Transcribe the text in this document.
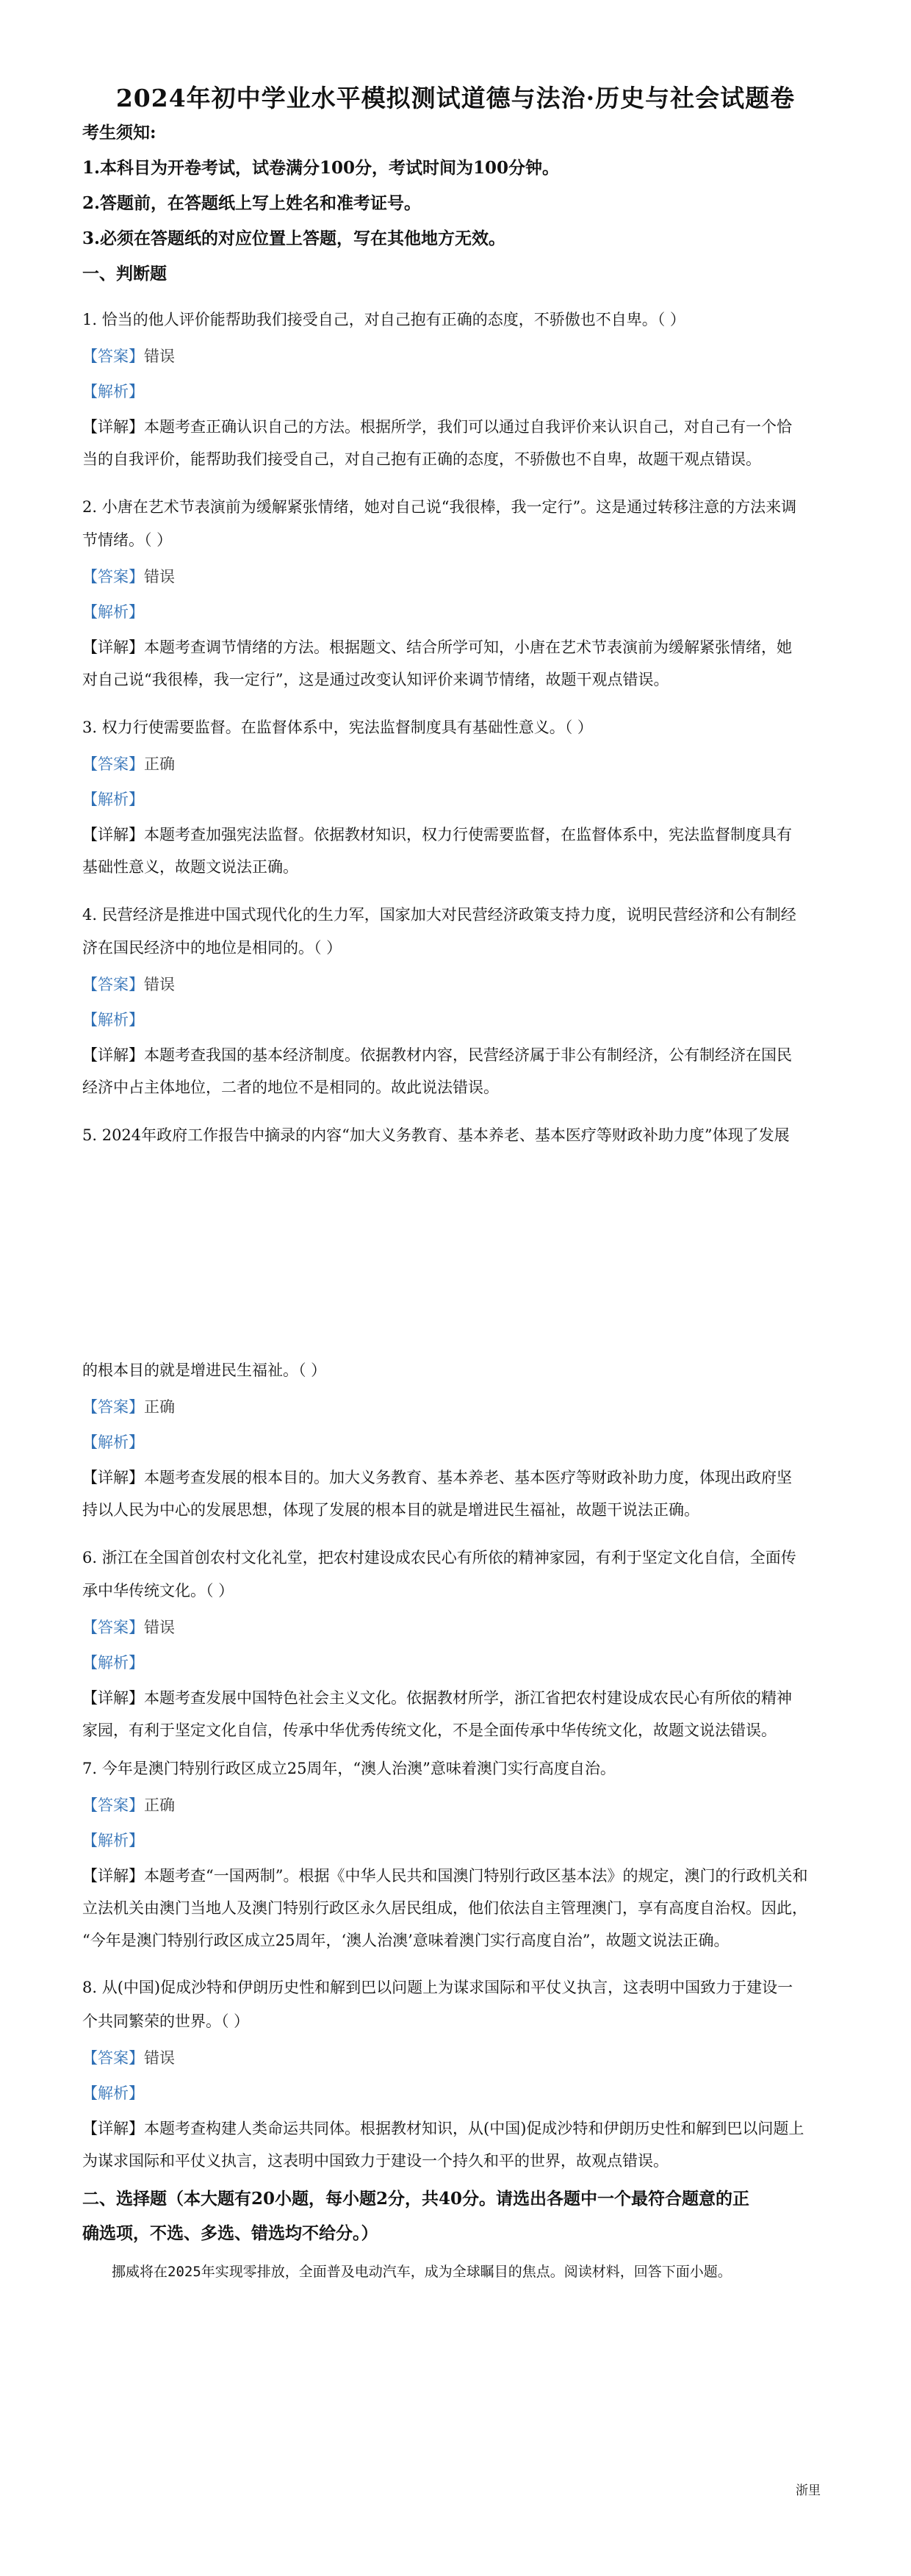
2024年初中学业水平模拟测试道德与法治·历史与社会试题卷
考生须知:
1.本科目为开卷考试，试卷满分100分，考试时间为100分钟。
2.答题前，在答题纸上写上姓名和准考证号。
3.必须在答题纸的对应位置上答题，写在其他地方无效。
一、判断题
1. 恰当的他人评价能帮助我们接受自己，对自己抱有正确的态度，不骄傲也不自卑。（ ）
【答案】错误
【解析】
【详解】本题考查正确认识自己的方法。根据所学，我们可以通过自我评价来认识自己，对自己有一个恰
当的自我评价，能帮助我们接受自己，对自己抱有正确的态度，不骄傲也不自卑，故题干观点错误。
2. 小唐在艺术节表演前为缓解紧张情绪，她对自己说“我很棒，我一定行”。这是通过转移注意的方法来调
节情绪。（ ）
【答案】错误
【解析】
【详解】本题考查调节情绪的方法。根据题文、结合所学可知，小唐在艺术节表演前为缓解紧张情绪，她
对自己说“我很棒，我一定行”，这是通过改变认知评价来调节情绪，故题干观点错误。
3. 权力行使需要监督。在监督体系中，宪法监督制度具有基础性意义。（ ）
【答案】正确
【解析】
【详解】本题考查加强宪法监督。依据教材知识，权力行使需要监督，在监督体系中，宪法监督制度具有
基础性意义，故题文说法正确。
4. 民营经济是推进中国式现代化的生力军，国家加大对民营经济政策支持力度，说明民营经济和公有制经
济在国民经济中的地位是相同的。（ ）
【答案】错误
【解析】
【详解】本题考查我国的基本经济制度。依据教材内容，民营经济属于非公有制经济，公有制经济在国民
经济中占主体地位，二者的地位不是相同的。故此说法错误。
5. 2024年政府工作报告中摘录的内容“加大义务教育、基本养老、基本医疗等财政补助力度”体现了发展
的根本目的就是增进民生福祉。（ ）
【答案】正确
【解析】
【详解】本题考查发展的根本目的。加大义务教育、基本养老、基本医疗等财政补助力度，体现出政府坚
持以人民为中心的发展思想，体现了发展的根本目的就是增进民生福祉，故题干说法正确。
6. 浙江在全国首创农村文化礼堂，把农村建设成农民心有所依的精神家园，有利于坚定文化自信，全面传
承中华传统文化。（ ）
【答案】错误
【解析】
【详解】本题考查发展中国特色社会主义文化。依据教材所学，浙江省把农村建设成农民心有所依的精神
家园，有利于坚定文化自信，传承中华优秀传统文化，不是全面传承中华传统文化，故题文说法错误。
7. 今年是澳门特别行政区成立25周年，“澳人治澳”意味着澳门实行高度自治。
【答案】正确
【解析】
【详解】本题考查“一国两制”。根据《中华人民共和国澳门特别行政区基本法》的规定，澳门的行政机关和
立法机关由澳门当地人及澳门特别行政区永久居民组成，他们依法自主管理澳门，享有高度自治权。因此，
“今年是澳门特别行政区成立25周年，‘澳人治澳’意味着澳门实行高度自治”，故题文说法正确。
8. 从(中国)促成沙特和伊朗历史性和解到巴以问题上为谋求国际和平仗义执言，这表明中国致力于建设一
个共同繁荣的世界。（ ）
【答案】错误
【解析】
【详解】本题考查构建人类命运共同体。根据教材知识，从(中国)促成沙特和伊朗历史性和解到巴以问题上
为谋求国际和平仗义执言，这表明中国致力于建设一个持久和平的世界，故观点错误。
二、选择题（本大题有20小题，每小题2分，共40分。请选出各题中一个最符合题意的正
确选项，不选、多选、错选均不给分。）
挪威将在2025年实现零排放，全面普及电动汽车，成为全球瞩目的焦点。阅读材料，回答下面小题。
浙里
